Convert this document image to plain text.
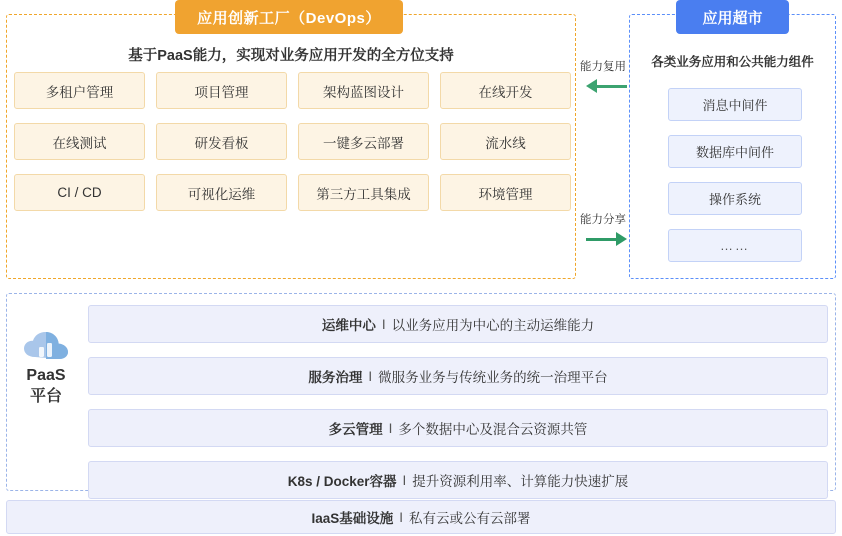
应用创新工厂（DevOps）
基于PaaS能力，实现对业务应用开发的全方位支持
多租户管理	项目管理	架构蓝图设计	在线开发
在线测试	研发看板	一键多云部署	流水线
CI / CD	可视化运维	第三方工具集成	环境管理
应用超市
各类业务应用和公共能力组件
消息中间件
数据库中间件
操作系统
……
能力复用
能力分享
PaaS
平台
运维中心 I 以业务应用为中心的主动运维能力
服务治理 I 微服务业务与传统业务的统一治理平台
多云管理 I 多个数据中心及混合云资源共管
K8s / Docker容器 I 提升资源利用率、计算能力快速扩展
IaaS基础设施 I 私有云或公有云部署
